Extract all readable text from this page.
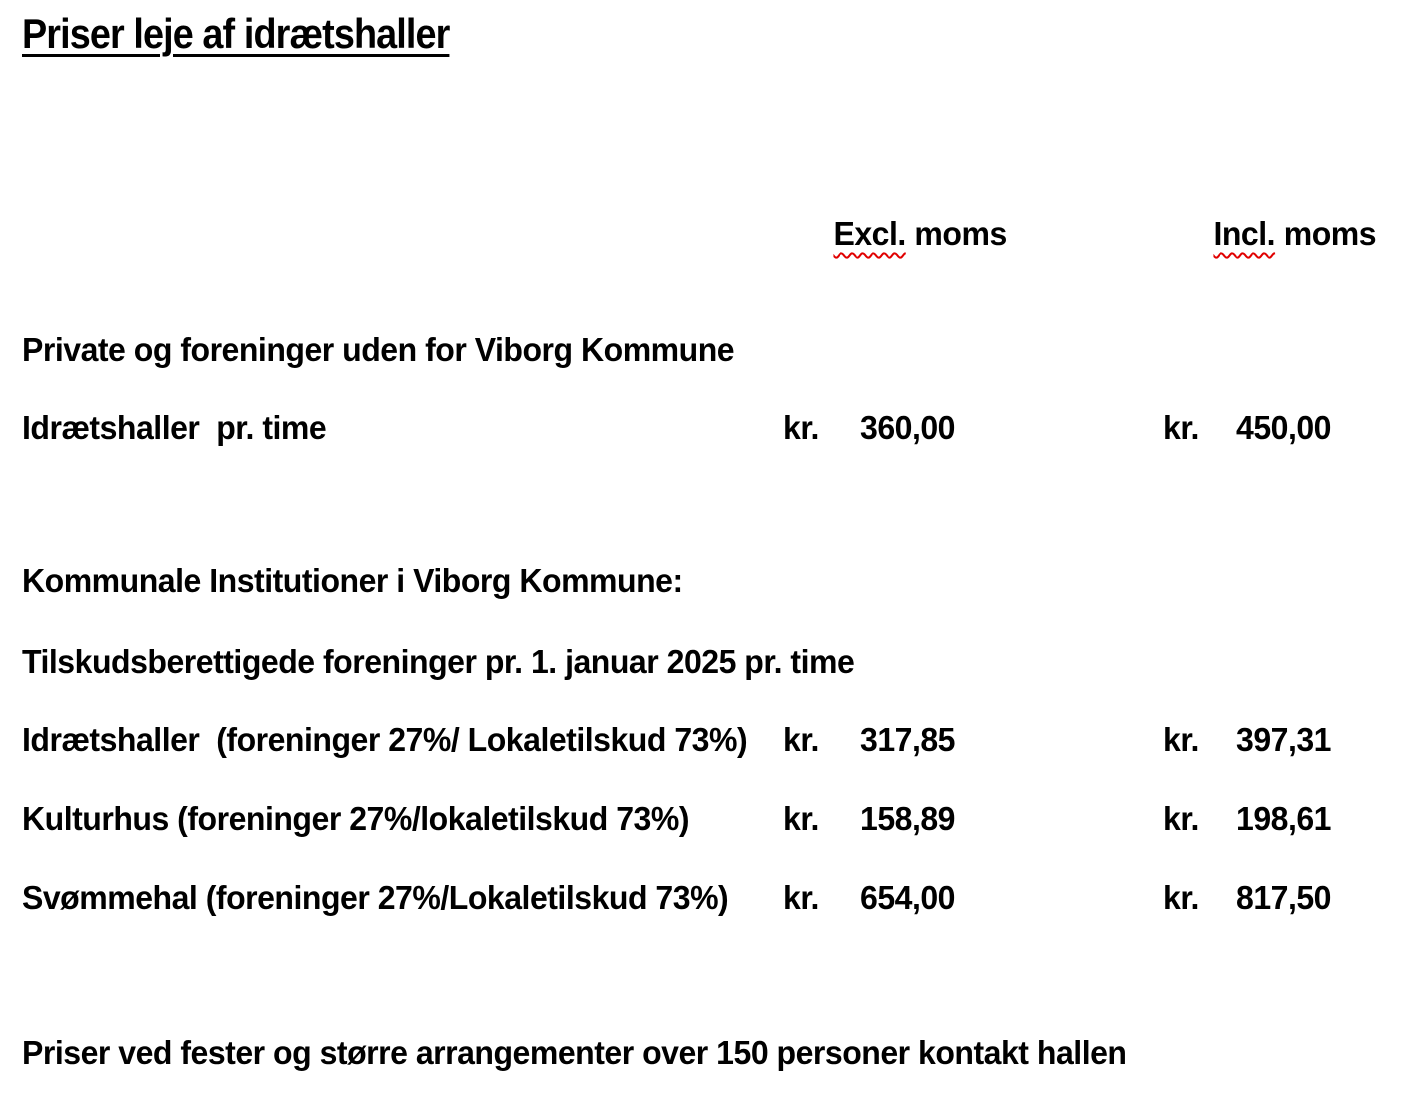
Priser leje af idrætshaller

Excl. moms
	Incl. moms

Private og foreninger uden for Viborg Kommune
Idrætshaller  pr. time	kr.	360,00	kr.	450,00
Kommunale Institutioner i Viborg Kommune:
Tilskudsberettigede foreninger pr. 1. januar 2025 pr. time
Idrætshaller  (foreninger 27%/ Lokaletilskud 73%) kr.	317,85	kr.	397,31
Kulturhus (foreninger 27%/lokaletilskud 73%)	kr.	158,89	kr.	198,61
Svømmehal (foreninger 27%/Lokaletilskud 73%) kr.	654,00	kr.	817,50
Priser ved fester og større arrangementer over 150 personer kontakt hallen
